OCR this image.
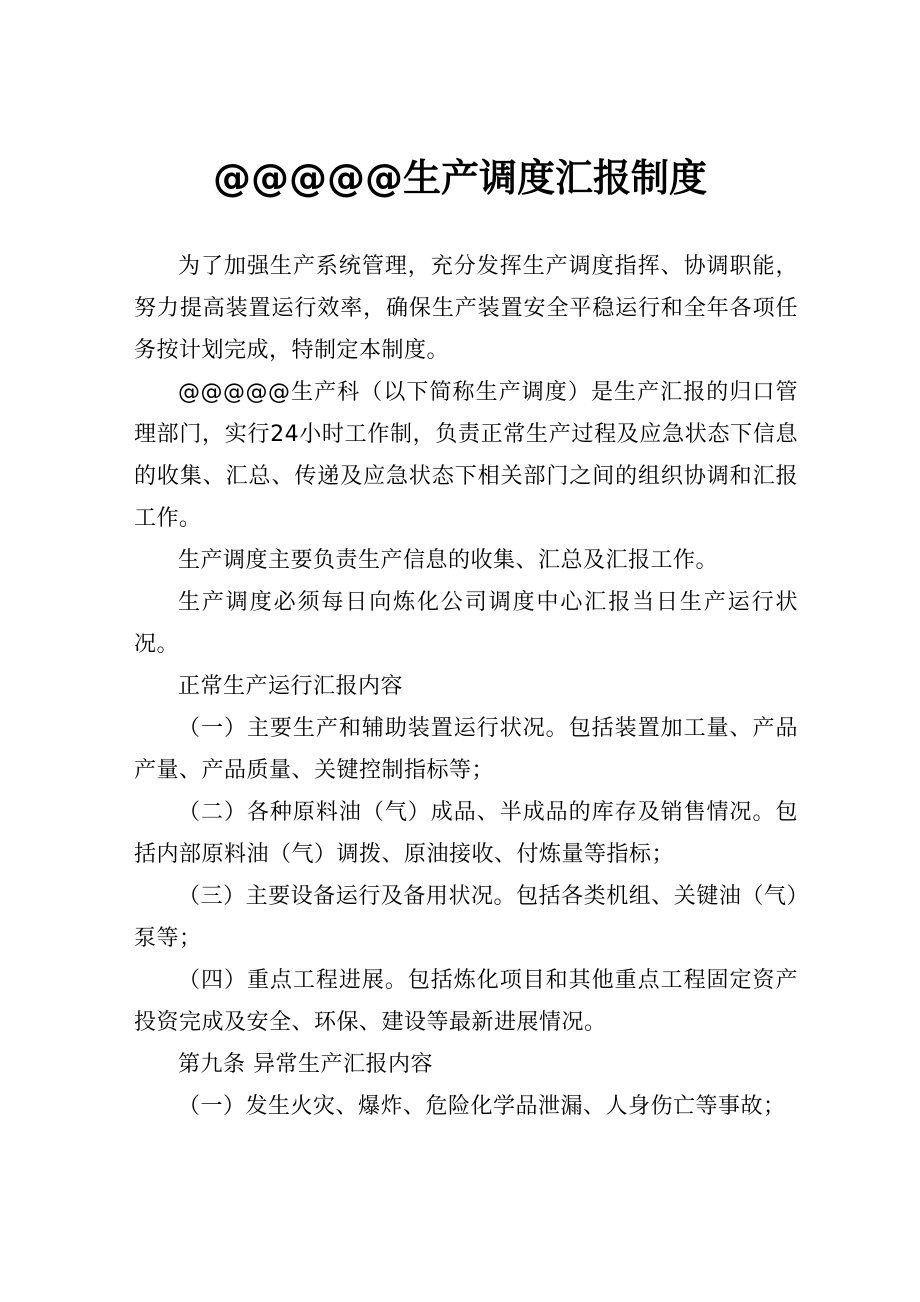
@@@@@生产调度汇报制度

为了加强生产系统管理，充分发挥生产调度指挥、协调职能，努力提高装置运行效率，确保生产装置安全平稳运行和全年各项任务按计划完成，特制定本制度。

@@@@@生产科（以下简称生产调度）是生产汇报的归口管理部门，实行24小时工作制，负责正常生产过程及应急状态下信息的收集、汇总、传递及应急状态下相关部门之间的组织协调和汇报工作。

生产调度主要负责生产信息的收集、汇总及汇报工作。

生产调度必须每日向炼化公司调度中心汇报当日生产运行状况。

正常生产运行汇报内容

（一）主要生产和辅助装置运行状况。包括装置加工量、产品产量、产品质量、关键控制指标等；

（二）各种原料油（气）成品、半成品的库存及销售情况。包括内部原料油（气）调拨、原油接收、付炼量等指标；

（三）主要设备运行及备用状况。包括各类机组、关键油（气）泵等；

（四）重点工程进展。包括炼化项目和其他重点工程固定资产投资完成及安全、环保、建设等最新进展情况。

第九条 异常生产汇报内容

（一）发生火灾、爆炸、危险化学品泄漏、人身伤亡等事故；
